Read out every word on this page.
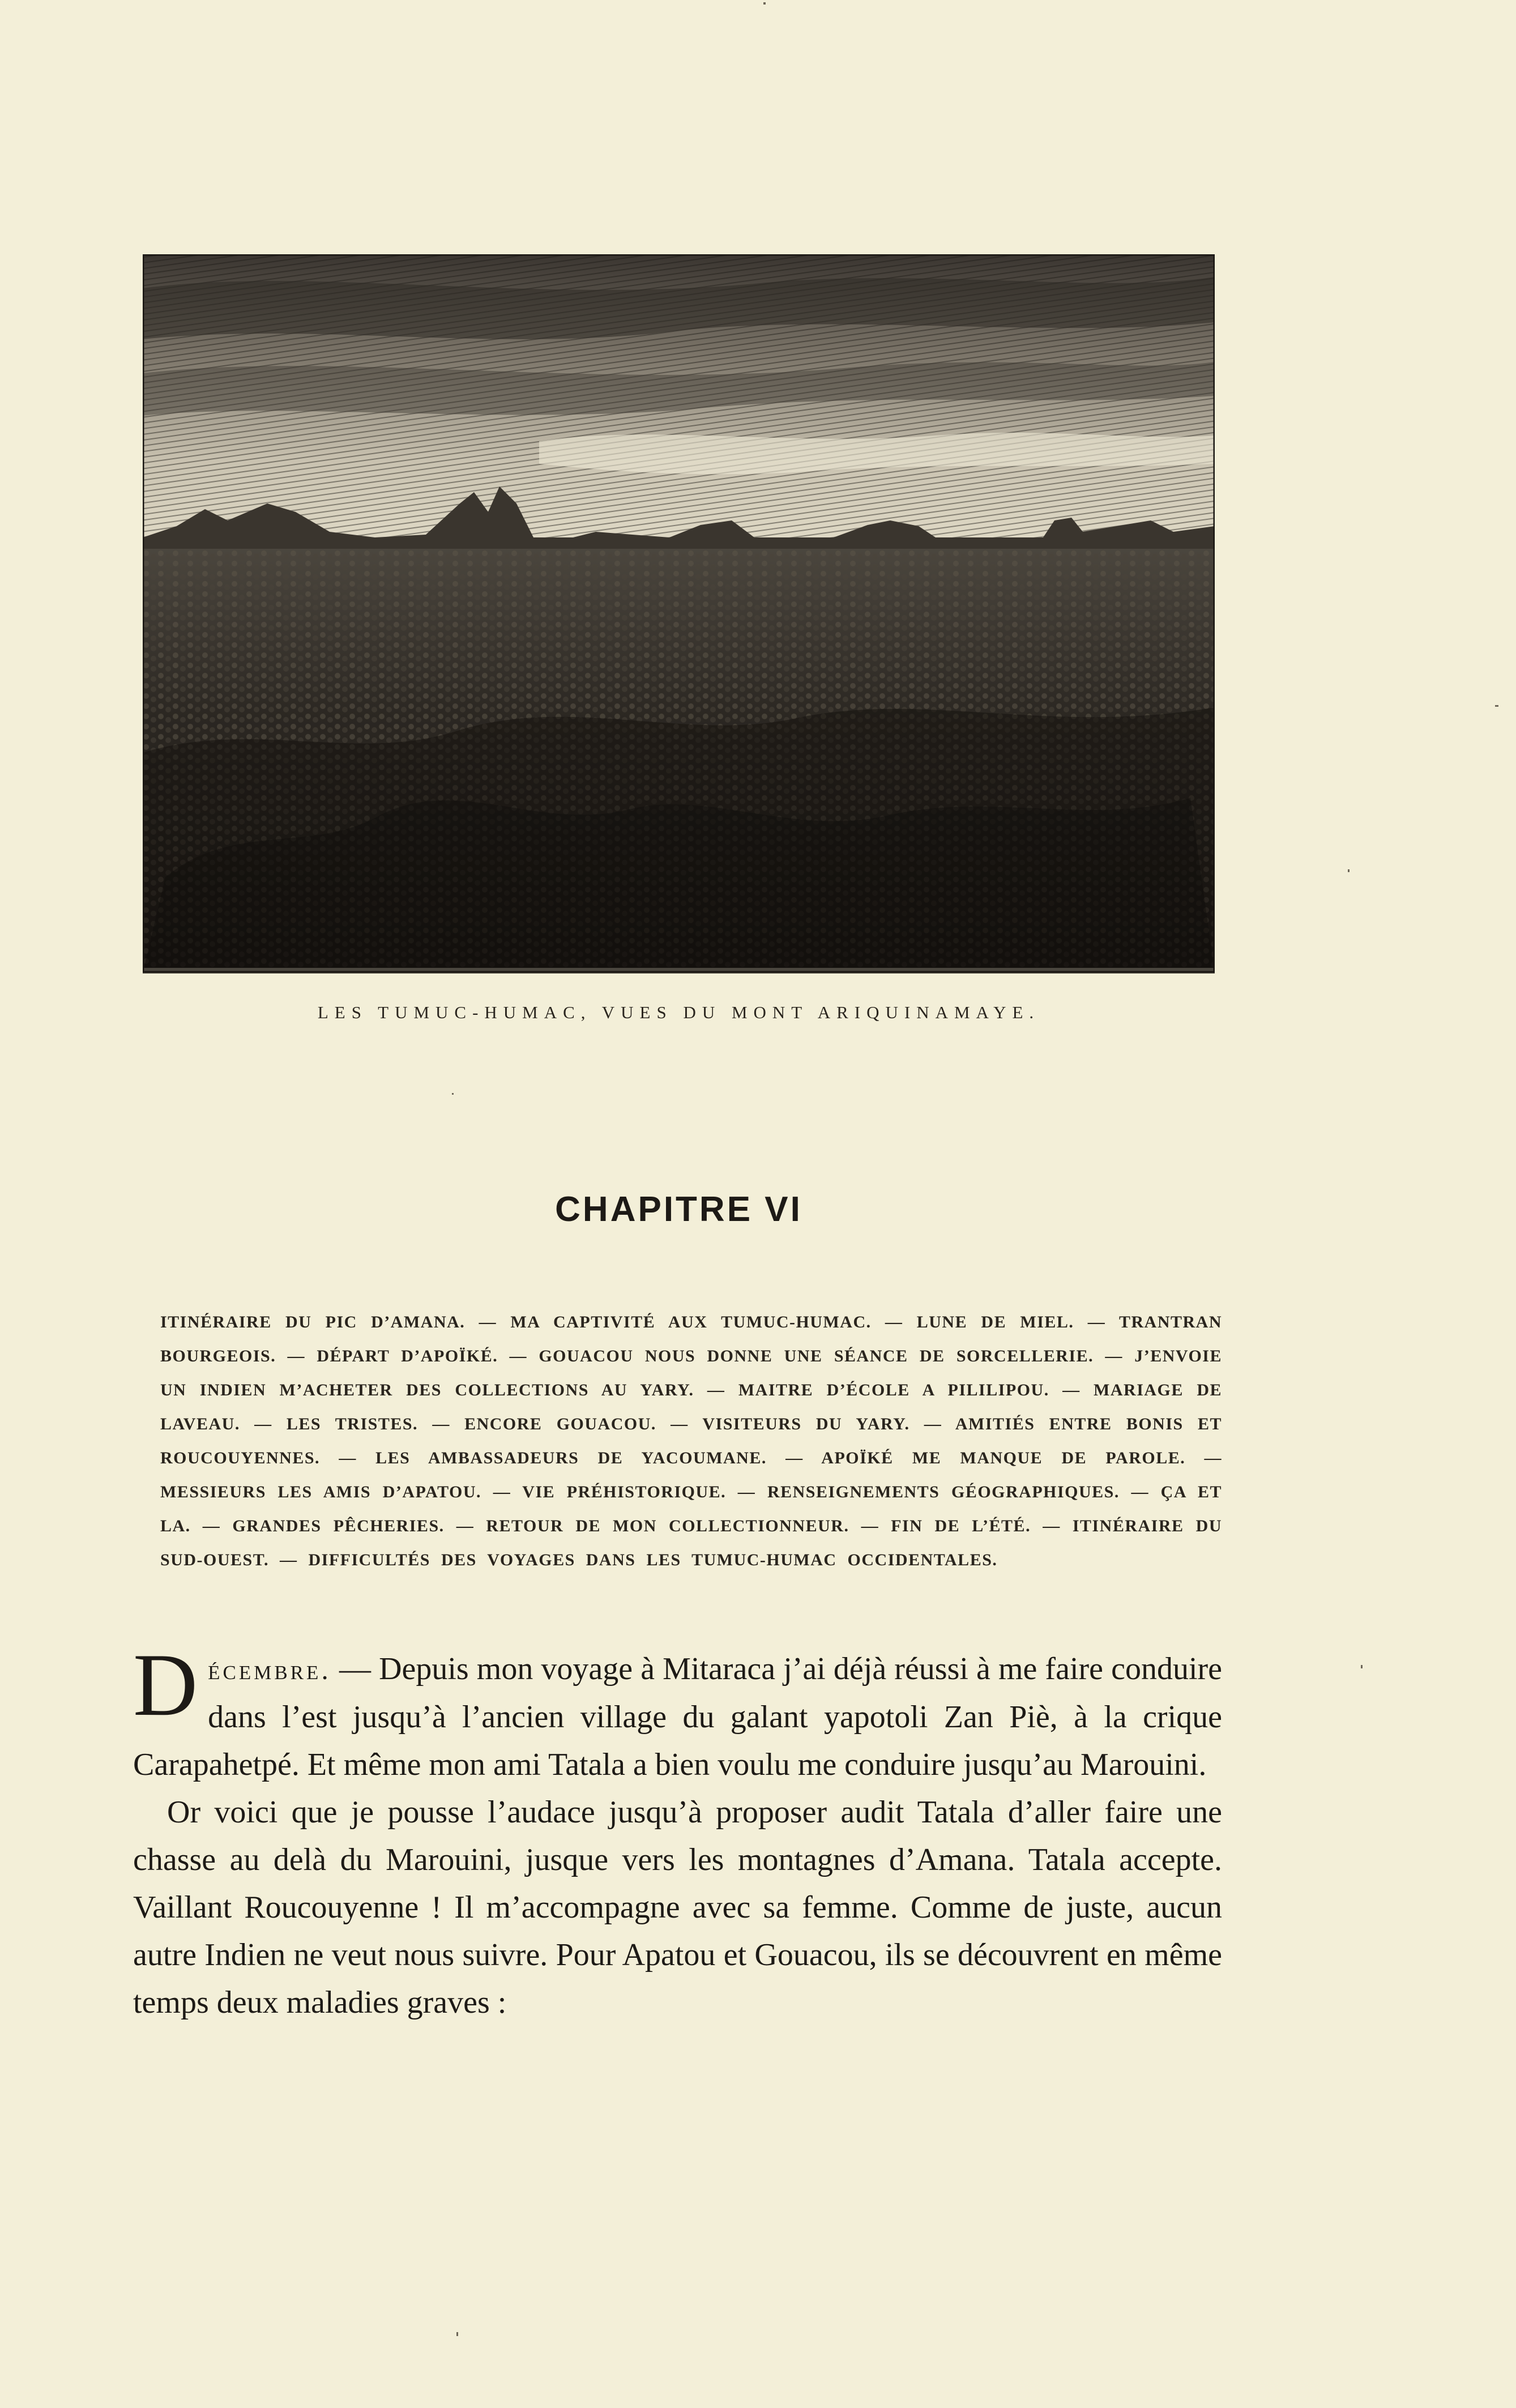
LES TUMUC-HUMAC, VUES DU MONT ARIQUINAMAYE.
CHAPITRE VI
ITINÉRAIRE DU PIC D’AMANA. — MA CAPTIVITÉ AUX TUMUC-HUMAC. — LUNE DE MIEL. — TRANTRAN BOURGEOIS. — DÉPART D’APOÏKÉ. — GOUACOU NOUS DONNE UNE SÉANCE DE SORCELLERIE. — J’ENVOIE UN INDIEN M’ACHETER DES COLLECTIONS AU YARY. — MAITRE D’ÉCOLE A PILILIPOU. — MARIAGE DE LAVEAU. — LES TRISTES. — ENCORE GOUACOU. — VISITEURS DU YARY. — AMITIÉS ENTRE BONIS ET ROUCOUYENNES. — LES AMBASSADEURS DE YACOUMANE. — APOÏKÉ ME MANQUE DE PAROLE. — MESSIEURS LES AMIS D’APATOU. — VIE PRÉHISTORIQUE. — RENSEIGNEMENTS GÉOGRAPHIQUES. — ÇA ET LA. — GRANDES PÊCHERIES. — RETOUR DE MON COLLECTIONNEUR. — FIN DE L’ÉTÉ. — ITINÉRAIRE DU SUD-OUEST. — DIFFICULTÉS DES VOYAGES DANS LES TUMUC-HUMAC OCCIDENTALES.

Décembre. — Depuis mon voyage à Mitaraca j’ai déjà réussi à me faire conduire dans l’est jusqu’à l’ancien village du galant yapotoli Zan Piè, à la crique Carapahetpé. Et même mon ami Tatala a bien voulu me conduire jusqu’au Marouini.

Or voici que je pousse l’audace jusqu’à proposer audit Tatala d’aller faire une chasse au delà du Marouini, jusque vers les montagnes d’Amana. Tatala accepte. Vaillant Roucouyenne ! Il m’accompagne avec sa femme. Comme de juste, aucun autre Indien ne veut nous suivre. Pour Apatou et Gouacou, ils se découvrent en même temps deux maladies graves :
